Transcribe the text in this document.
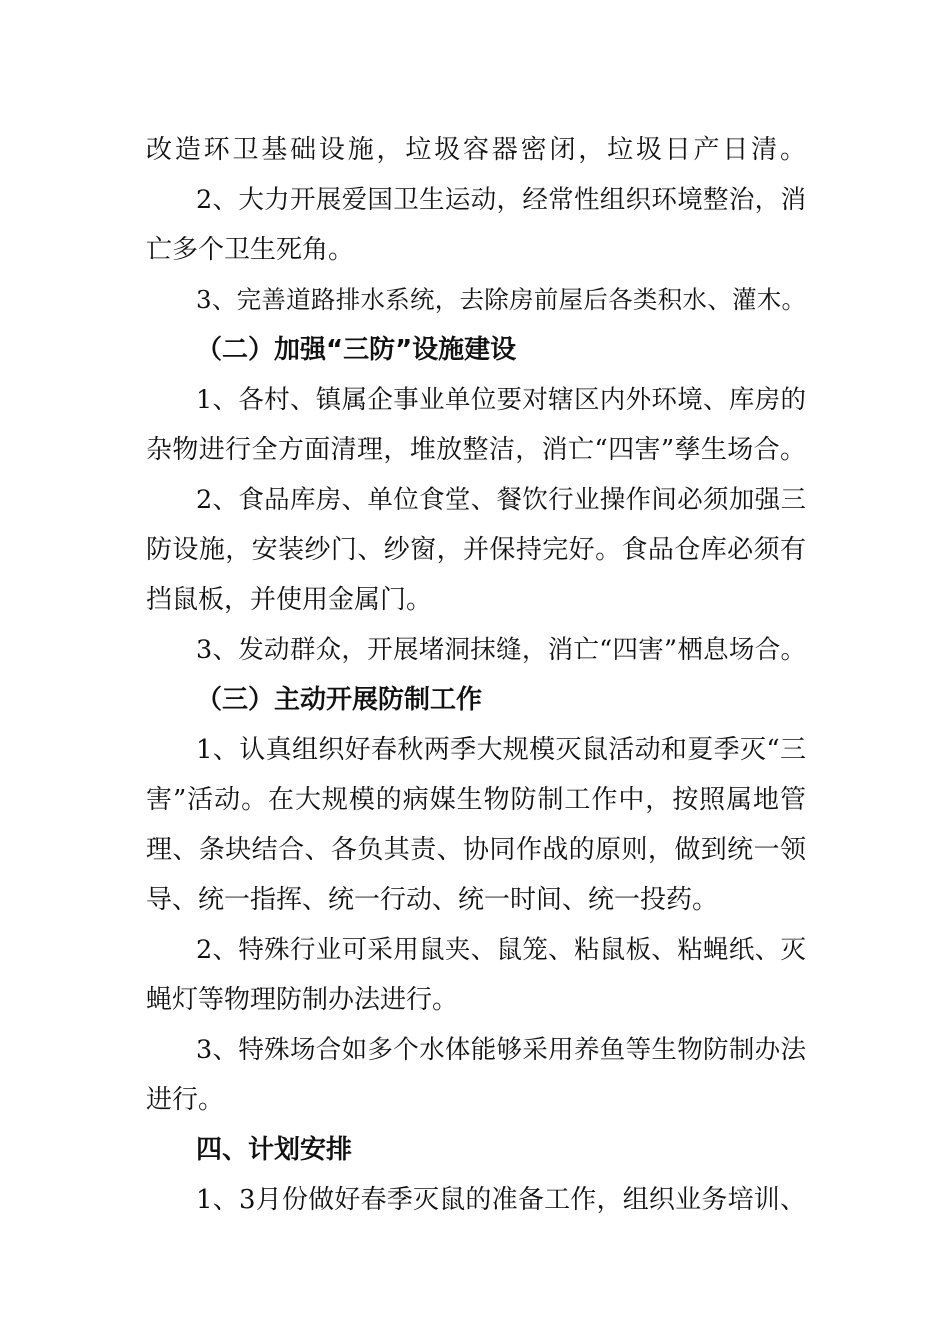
改造环卫基础设施，垃圾容器密闭，垃圾日产日清。
2、大力开展爱国卫生运动，经常性组织环境整治，消
亡多个卫生死角。
3、完善道路排水系统，去除房前屋后各类积水、灌木。
（二）加强“三防”设施建设
1、各村、镇属企事业单位要对辖区内外环境、库房的
杂物进行全方面清理，堆放整洁，消亡“四害”孳生场合。
2、食品库房、单位食堂、餐饮行业操作间必须加强三
防设施，安装纱门、纱窗，并保持完好。食品仓库必须有
挡鼠板，并使用金属门。
3、发动群众，开展堵洞抹缝，消亡“四害”栖息场合。
（三）主动开展防制工作
1、认真组织好春秋两季大规模灭鼠活动和夏季灭“三
害”活动。在大规模的病媒生物防制工作中，按照属地管
理、条块结合、各负其责、协同作战的原则，做到统一领
导、统一指挥、统一行动、统一时间、统一投药。
2、特殊行业可采用鼠夹、鼠笼、粘鼠板、粘蝇纸、灭
蝇灯等物理防制办法进行。
3、特殊场合如多个水体能够采用养鱼等生物防制办法
进行。
四、计划安排
1、3月份做好春季灭鼠的准备工作，组织业务培训、
